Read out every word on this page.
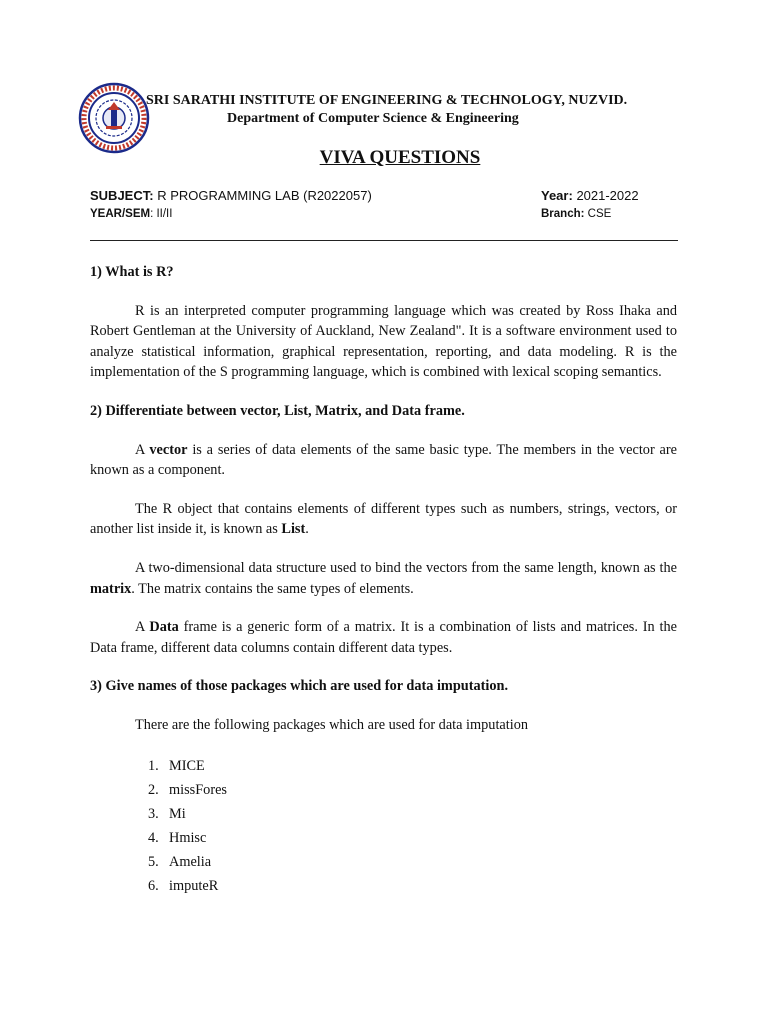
SRI SARATHI INSTITUTE OF ENGINEERING & TECHNOLOGY, NUZVID.
Department of Computer Science & Engineering
VIVA QUESTIONS
SUBJECT: R PROGRAMMING LAB (R2022057)	Year: 2021-2022
YEAR/SEM: II/II	Branch: CSE
1) What is R?
R is an interpreted computer programming language which was created by Ross Ihaka and Robert Gentleman at the University of Auckland, New Zealand". It is a software environment used to analyze statistical information, graphical representation, reporting, and data modeling. R is the implementation of the S programming language, which is combined with lexical scoping semantics.
2) Differentiate between vector, List, Matrix, and Data frame.
A vector is a series of data elements of the same basic type. The members in the vector are known as a component.
The R object that contains elements of different types such as numbers, strings, vectors, or another list inside it, is known as List.
A two-dimensional data structure used to bind the vectors from the same length, known as the matrix. The matrix contains the same types of elements.
A Data frame is a generic form of a matrix. It is a combination of lists and matrices. In the Data frame, different data columns contain different data types.
3) Give names of those packages which are used for data imputation.
There are the following packages which are used for data imputation
1. MICE
2. missFores
3. Mi
4. Hmisc
5. Amelia
6. imputeR
